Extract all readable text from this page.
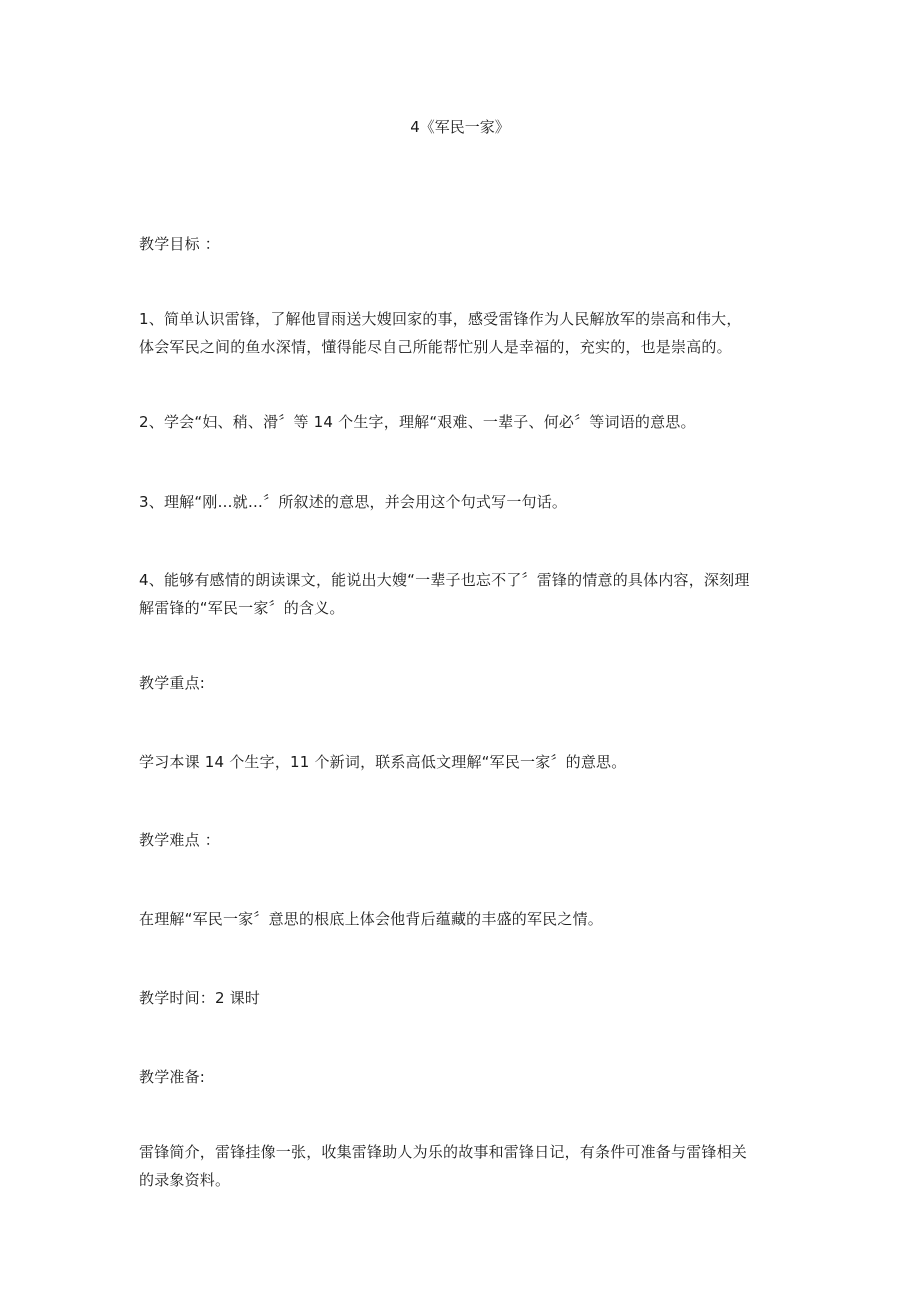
4《军民一家》
教学目标 ：
1、简单认识雷锋，了解他冒雨送大嫂回家的事，感受雷锋作为人民解放军的崇高和伟大，
体会军民之间的鱼水深情，懂得能尽自己所能帮忙别人是幸福的，充实的，也是崇高的。
2、学会“妇、稍、滑〞等 14 个生字，理解“艰难、一辈子、何必〞等词语的意思。
3、理解“刚…就…〞所叙述的意思，并会用这个句式写一句话。
4、能够有感情的朗读课文，能说出大嫂“一辈子也忘不了〞雷锋的情意的具体内容，深刻理
解雷锋的“军民一家〞的含义。
教学重点:
学习本课 14 个生字，11 个新词，联系高低文理解“军民一家〞的意思。
教学难点 ：
在理解“军民一家〞意思的根底上体会他背后蕴藏的丰盛的军民之情。
教学时间：2 课时
教学准备:
雷锋简介，雷锋挂像一张，收集雷锋助人为乐的故事和雷锋日记，有条件可准备与雷锋相关
的录象资料。
